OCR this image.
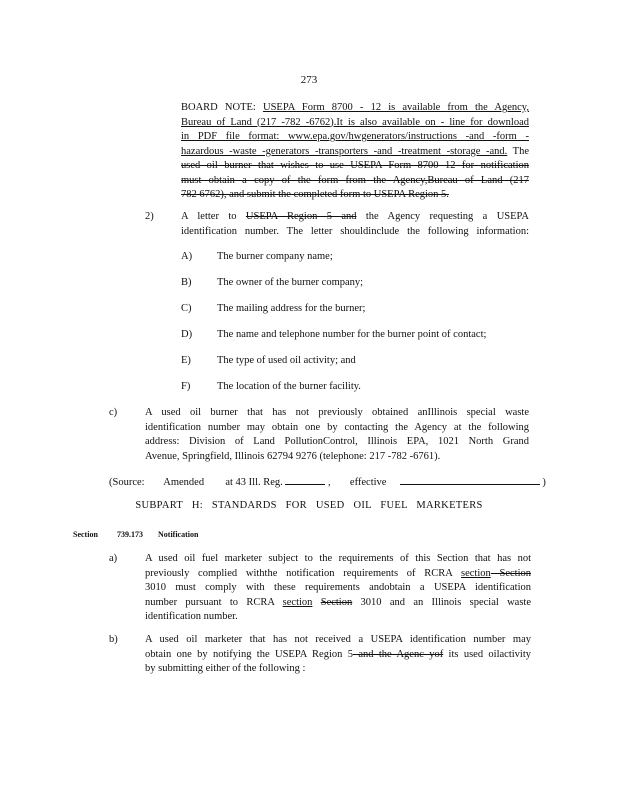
273
BOARD NOTE: USEPA Form 8700 - 12 is available from the Agency,
Bureau of Land (217 -782 -6762).It is also available on - line for download
in PDF file format: www.epa.gov/hwgenerators/instructions -and -form -
hazardous -waste -generators -transporters -and -treatment -storage -and. The
used oil burner that wishes to use USEPA Form 8700 12 for notification
must obtain a copy of the form from the Agency,Bureau of Land (217
782 6762), and submit the completed form to USEPA Region 5.
2)	A letter to USEPA Region 5 and the Agency requesting a USEPA
identification number. The letter shouldinclude the following information:
A) The burner company name;
B) The owner of the burner company;
C) The mailing address for the burner;
D) The name and telephone number for the burner point of contact;
E) The type of used oil activity; and
F)	The location of the burner facility.
c)	A used oil burner that has not previously obtained anIllinois special waste
identification number may obtain one by contacting the Agency at the following
address: Division of Land PollutionControl, Illinois EPA, 1021 North Grand
Avenue, Springfield, Illinois 62794 9276 (telephone: 217 -782 -6761).
(Source: Amended at 43 Ill. Reg.	, effective	)
SUBPART H: STANDARDS FOR USED OIL FUEL MARKETERS
Section 739.173 Notification
a)	A used oil fuel marketer subject to the requirements of this Section that has not
previously complied withthe notification requirements of RCRA section Section
3010 must comply with these requirements andobtain a USEPA identification
number pursuant to RCRA section Section 3010 and an Illinois special waste
identification number.
b)	A used oil marketer that has not received a USEPA identification number may
obtain one by notifying the USEPA Region 5 and the Agenc yof its used oilactivity
by submitting either of the following :
